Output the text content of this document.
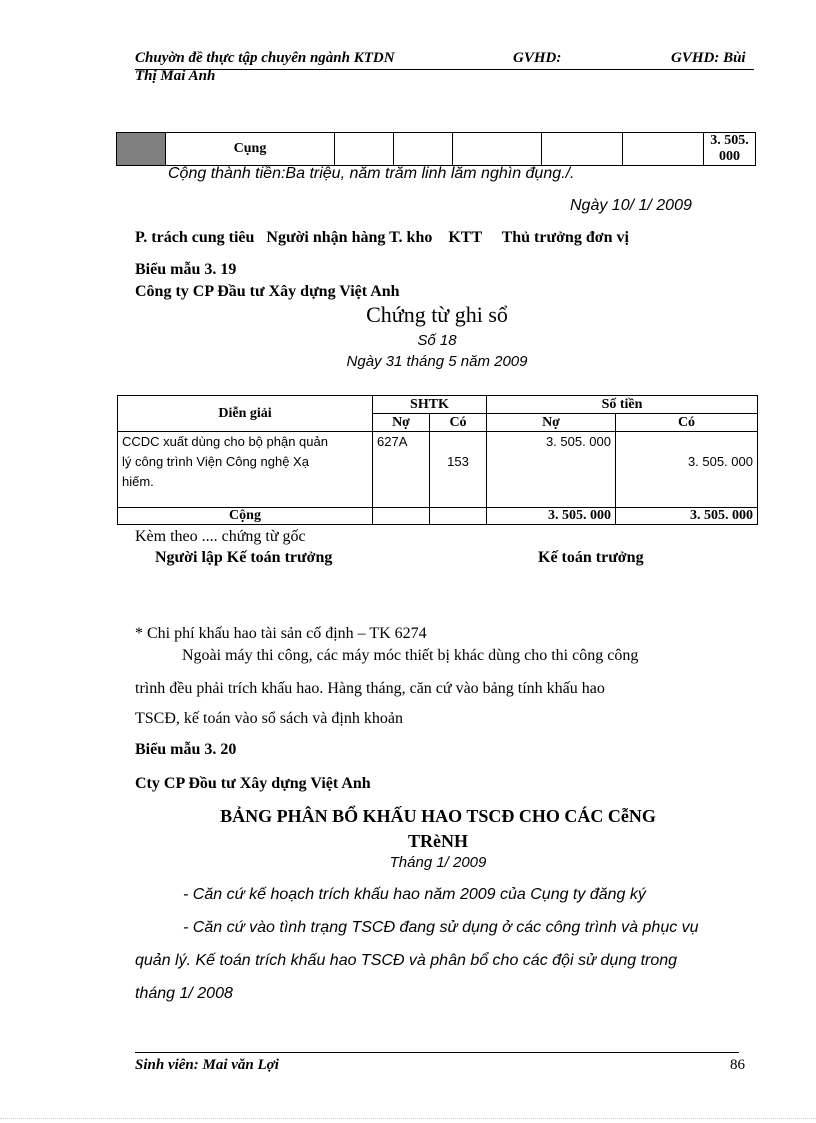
Chuyờn đề thực tập chuyên ngành KTDN	GVHD:	GVHD: Bùi
Thị Mai Anh
	Cụng						3. 505. 000
Cộng thành tiền:Ba triệu, năm trăm linh lăm nghìn đụng./.
Ngày 10/ 1/ 2009
P. trách cung tiêu   Người nhận hàng T. kho    KTT     Thủ trưởng đơn vị
Biểu mẫu 3. 19
Công ty CP Đầu tư Xây dựng Việt Anh
Chứng từ ghi sổ
Số 18
Ngày 31 tháng 5 năm 2009
Diễn giải	SHTK		Số tiền	
	Nợ	Có	Nợ	Có

CCDC xuất dùng cho bộ phận quản
lý công trình Viện Công nghệ Xạ
hiếm.	627A	153	3. 505. 000	3. 505. 000
Cộng			3. 505. 000	3. 505. 000
Kèm theo .... chứng từ gốc
Người lập Kế toán trưởng	Kế toán trưởng
* Chi phí khấu hao tài sản cố định – TK 6274
Ngoài máy thi công, các máy móc thiết bị khác dùng cho thi công công
trình đều phải trích khấu hao. Hàng tháng, căn cứ vào bảng tính khấu hao
TSCĐ, kế toán vào sổ sách và định khoản
Biểu mẫu 3. 20
Cty CP Đồu tư Xây dựng Việt Anh
BẢNG PHÂN BỔ KHẤU HAO TSCĐ CHO CÁC CễNG
TRèNH
Tháng 1/ 2009
- Căn cứ kế hoạch trích khấu hao năm 2009 của Cụng ty đăng ký
- Căn cứ vào tình trạng TSCĐ đang sử dụng ở các công trình và phục vụ
quản lý. Kế toán trích khấu hao TSCĐ và phân bổ cho các đội sử dụng trong
tháng 1/ 2008
Sinh viên: Mai văn Lợi	86
